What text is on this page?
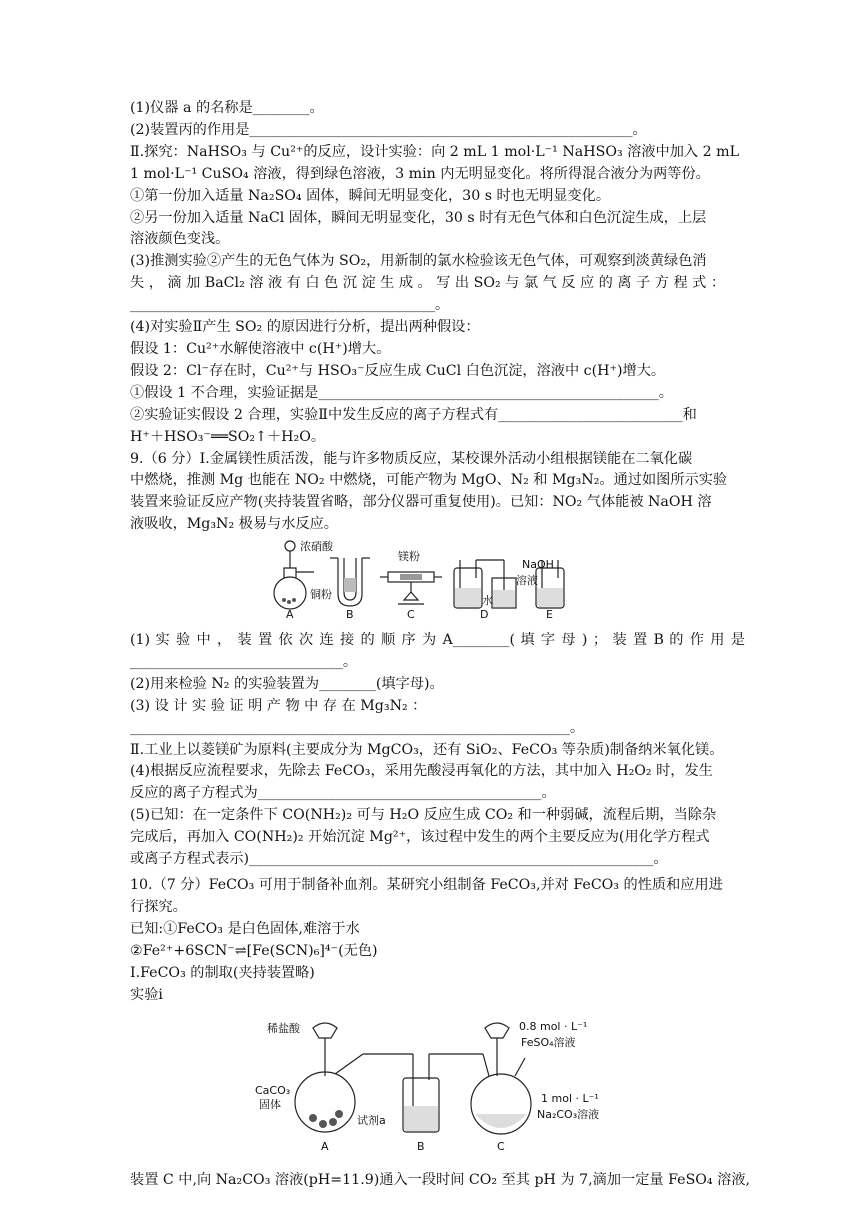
(1)仪器 a 的名称是________。
(2)装置丙的作用是______________________________________________________。
Ⅱ.探究：NaHSO₃ 与 Cu²⁺的反应，设计实验：向 2 mL 1 mol·L⁻¹ NaHSO₃ 溶液中加入 2 mL
1 mol·L⁻¹ CuSO₄ 溶液，得到绿色溶液，3 min 内无明显变化。将所得混合液分为两等份。
①第一份加入适量 Na₂SO₄ 固体，瞬间无明显变化，30 s 时也无明显变化。
②另一份加入适量 NaCl 固体，瞬间无明显变化，30 s 时有无色气体和白色沉淀生成，上层
溶液颜色变浅。
(3)推测实验②产生的无色气体为 SO₂，用新制的氯水检验该无色气体，可观察到淡黄绿色消
失 ， 滴 加 BaCl₂ 溶 液 有 白 色 沉 淀 生 成 。 写 出 SO₂ 与 氯 气 反 应 的 离 子 方 程 式 ：
___________________________________________。
(4)对实验Ⅱ产生 SO₂ 的原因进行分析，提出两种假设：
假设 1：Cu²⁺水解使溶液中 c(H⁺)增大。
假设 2：Cl⁻存在时，Cu²⁺与 HSO₃⁻反应生成 CuCl 白色沉淀，溶液中 c(H⁺)增大。
①假设 1 不合理，实验证据是________________________________________________。
②实验证实假设 2 合理，实验Ⅱ中发生反应的离子方程式有__________________________和
H⁺＋HSO₃⁻══SO₂↑＋H₂O。
9.（6 分）Ⅰ.金属镁性质活泼，能与许多物质反应，某校课外活动小组根据镁能在二氧化碳
中燃烧，推测 Mg 也能在 NO₂ 中燃烧，可能产物为 MgO、N₂ 和 Mg₃N₂。通过如图所示实验
装置来验证反应产物(夹持装置省略，部分仪器可重复使用)。已知：NO₂ 气体能被 NaOH 溶
液吸收，Mg₃N₂ 极易与水反应。
浓硝酸
铜粉
镁粉
水
NaOH
溶液
A	B	C	D	E
(1) 实 验 中 ， 装 置 依 次 连 接 的 顺 序 为 A________( 填 字 母 ) ； 装 置 B 的 作 用 是
______________________________。
(2)用来检验 N₂ 的实验装置为________(填字母)。
(3) 设 计 实 验 证 明 产 物 中 存 在 Mg₃N₂ ：
______________________________________________________________。
Ⅱ.工业上以菱镁矿为原料(主要成分为 MgCO₃，还有 SiO₂、FeCO₃ 等杂质)制备纳米氧化镁。
(4)根据反应流程要求，先除去 FeCO₃，采用先酸浸再氧化的方法，其中加入 H₂O₂ 时，发生
反应的离子方程式为________________________________________。
(5)已知：在一定条件下 CO(NH₂)₂ 可与 H₂O 反应生成 CO₂ 和一种弱碱，流程后期，当除杂
完成后，再加入 CO(NH₂)₂ 开始沉淀 Mg²⁺，该过程中发生的两个主要反应为(用化学方程式
或离子方程式表示)_________________________________________________________。
10.（7 分）FeCO₃ 可用于制备补血剂。某研究小组制备 FeCO₃,并对 FeCO₃ 的性质和应用进
行探究。
已知:①FeCO₃ 是白色固体,难溶于水
②Fe²⁺+6SCN⁻⇌[Fe(SCN)₆]⁴⁻(无色)
Ⅰ.FeCO₃ 的制取(夹持装置略)
实验ⅰ
稀盐酸
CaCO₃
固体
试剂a
0.8 mol · L⁻¹
FeSO₄溶液
1 mol · L⁻¹
Na₂CO₃溶液
A	B	C
装置 C 中,向 Na₂CO₃ 溶液(pH=11.9)通入一段时间 CO₂ 至其 pH 为 7,滴加一定量 FeSO₄ 溶液,
